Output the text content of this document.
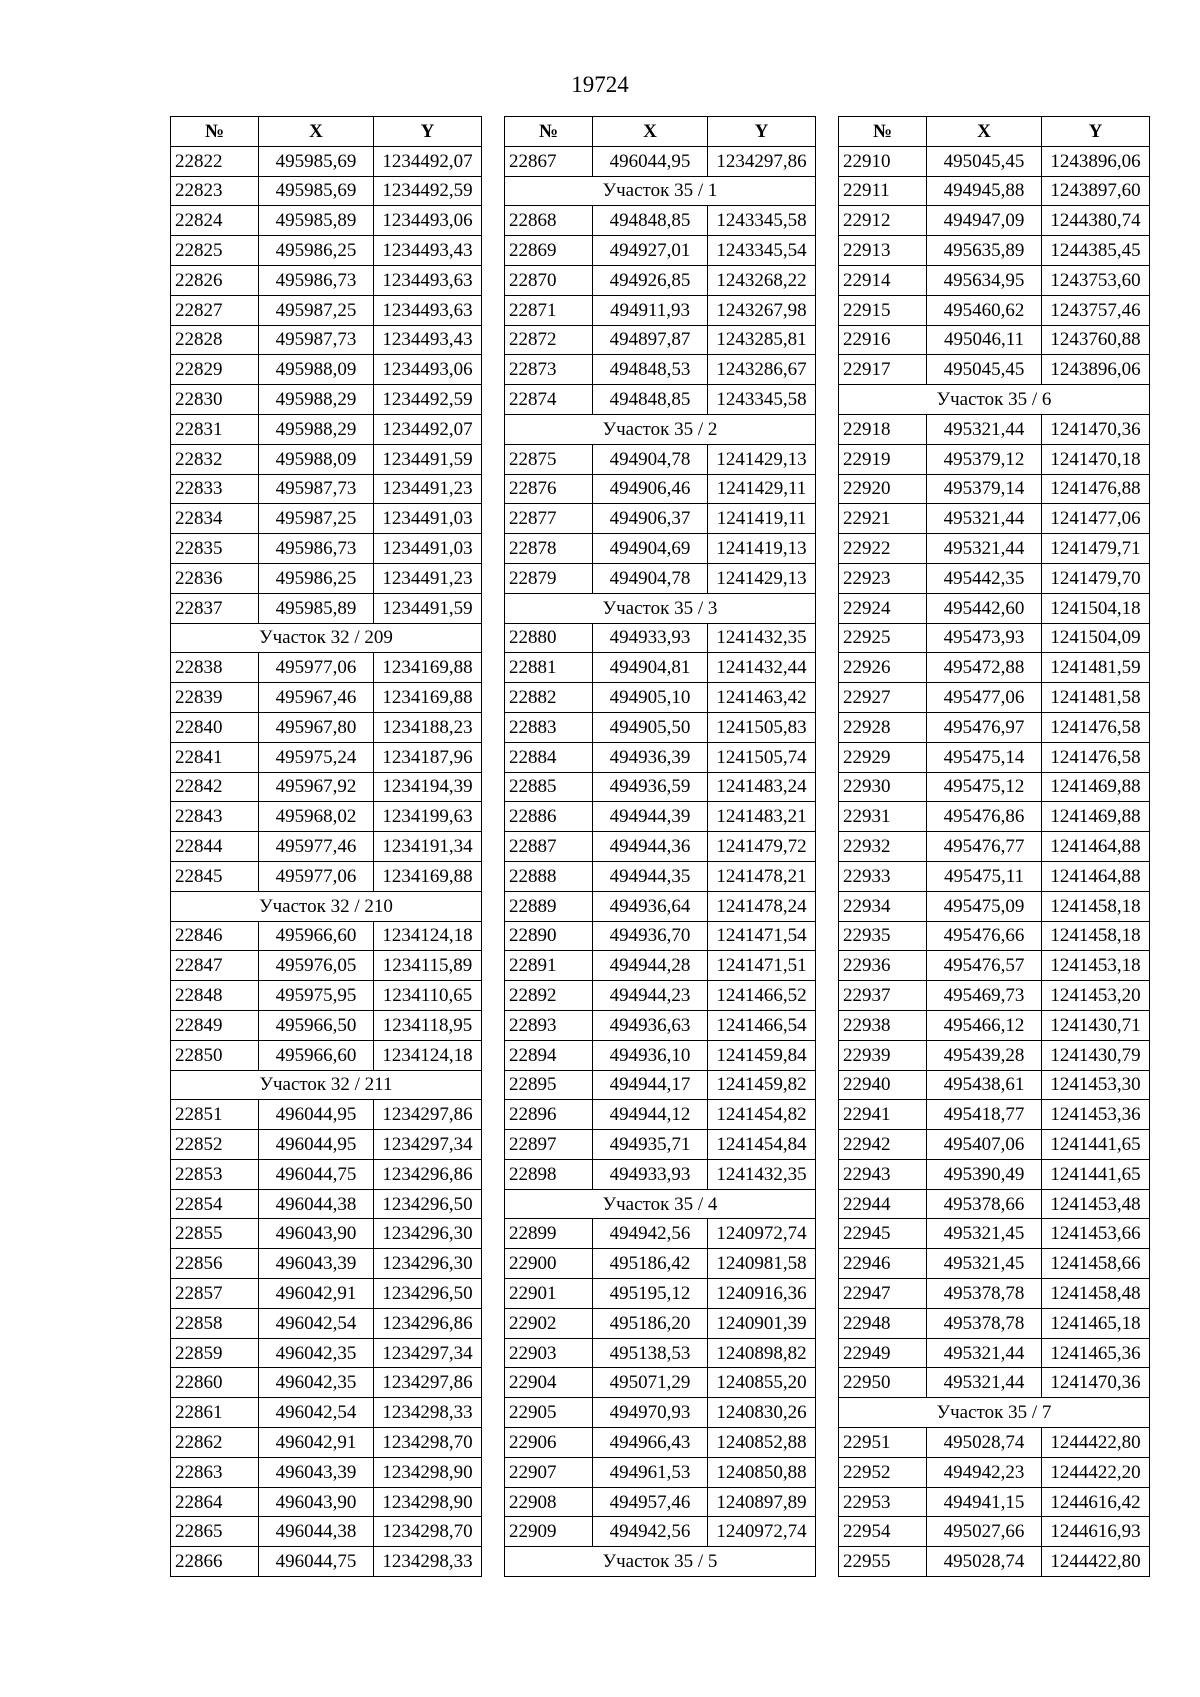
19724
№	X	Y
22822	495985,69	1234492,07
22823	495985,69	1234492,59
22824	495985,89	1234493,06
22825	495986,25	1234493,43
22826	495986,73	1234493,63
22827	495987,25	1234493,63
22828	495987,73	1234493,43
22829	495988,09	1234493,06
22830	495988,29	1234492,59
22831	495988,29	1234492,07
22832	495988,09	1234491,59
22833	495987,73	1234491,23
22834	495987,25	1234491,03
22835	495986,73	1234491,03
22836	495986,25	1234491,23
22837	495985,89	1234491,59
Участок 32 / 209		
22838	495977,06	1234169,88
22839	495967,46	1234169,88
22840	495967,80	1234188,23
22841	495975,24	1234187,96
22842	495967,92	1234194,39
22843	495968,02	1234199,63
22844	495977,46	1234191,34
22845	495977,06	1234169,88
Участок 32 / 210		
22846	495966,60	1234124,18
22847	495976,05	1234115,89
22848	495975,95	1234110,65
22849	495966,50	1234118,95
22850	495966,60	1234124,18
Участок 32 / 211		
22851	496044,95	1234297,86
22852	496044,95	1234297,34
22853	496044,75	1234296,86
22854	496044,38	1234296,50
22855	496043,90	1234296,30
22856	496043,39	1234296,30
22857	496042,91	1234296,50
22858	496042,54	1234296,86
22859	496042,35	1234297,34
22860	496042,35	1234297,86
22861	496042,54	1234298,33
22862	496042,91	1234298,70
22863	496043,39	1234298,90
22864	496043,90	1234298,90
22865	496044,38	1234298,70
22866	496044,75	1234298,33
№	X	Y
22867	496044,95	1234297,86
Участок 35 / 1		
22868	494848,85	1243345,58
22869	494927,01	1243345,54
22870	494926,85	1243268,22
22871	494911,93	1243267,98
22872	494897,87	1243285,81
22873	494848,53	1243286,67
22874	494848,85	1243345,58
Участок 35 / 2		
22875	494904,78	1241429,13
22876	494906,46	1241429,11
22877	494906,37	1241419,11
22878	494904,69	1241419,13
22879	494904,78	1241429,13
Участок 35 / 3		
22880	494933,93	1241432,35
22881	494904,81	1241432,44
22882	494905,10	1241463,42
22883	494905,50	1241505,83
22884	494936,39	1241505,74
22885	494936,59	1241483,24
22886	494944,39	1241483,21
22887	494944,36	1241479,72
22888	494944,35	1241478,21
22889	494936,64	1241478,24
22890	494936,70	1241471,54
22891	494944,28	1241471,51
22892	494944,23	1241466,52
22893	494936,63	1241466,54
22894	494936,10	1241459,84
22895	494944,17	1241459,82
22896	494944,12	1241454,82
22897	494935,71	1241454,84
22898	494933,93	1241432,35
Участок 35 / 4		
22899	494942,56	1240972,74
22900	495186,42	1240981,58
22901	495195,12	1240916,36
22902	495186,20	1240901,39
22903	495138,53	1240898,82
22904	495071,29	1240855,20
22905	494970,93	1240830,26
22906	494966,43	1240852,88
22907	494961,53	1240850,88
22908	494957,46	1240897,89
22909	494942,56	1240972,74
Участок 35 / 5		
№	X	Y
22910	495045,45	1243896,06
22911	494945,88	1243897,60
22912	494947,09	1244380,74
22913	495635,89	1244385,45
22914	495634,95	1243753,60
22915	495460,62	1243757,46
22916	495046,11	1243760,88
22917	495045,45	1243896,06
Участок 35 / 6		
22918	495321,44	1241470,36
22919	495379,12	1241470,18
22920	495379,14	1241476,88
22921	495321,44	1241477,06
22922	495321,44	1241479,71
22923	495442,35	1241479,70
22924	495442,60	1241504,18
22925	495473,93	1241504,09
22926	495472,88	1241481,59
22927	495477,06	1241481,58
22928	495476,97	1241476,58
22929	495475,14	1241476,58
22930	495475,12	1241469,88
22931	495476,86	1241469,88
22932	495476,77	1241464,88
22933	495475,11	1241464,88
22934	495475,09	1241458,18
22935	495476,66	1241458,18
22936	495476,57	1241453,18
22937	495469,73	1241453,20
22938	495466,12	1241430,71
22939	495439,28	1241430,79
22940	495438,61	1241453,30
22941	495418,77	1241453,36
22942	495407,06	1241441,65
22943	495390,49	1241441,65
22944	495378,66	1241453,48
22945	495321,45	1241453,66
22946	495321,45	1241458,66
22947	495378,78	1241458,48
22948	495378,78	1241465,18
22949	495321,44	1241465,36
22950	495321,44	1241470,36
Участок 35 / 7		
22951	495028,74	1244422,80
22952	494942,23	1244422,20
22953	494941,15	1244616,42
22954	495027,66	1244616,93
22955	495028,74	1244422,80
